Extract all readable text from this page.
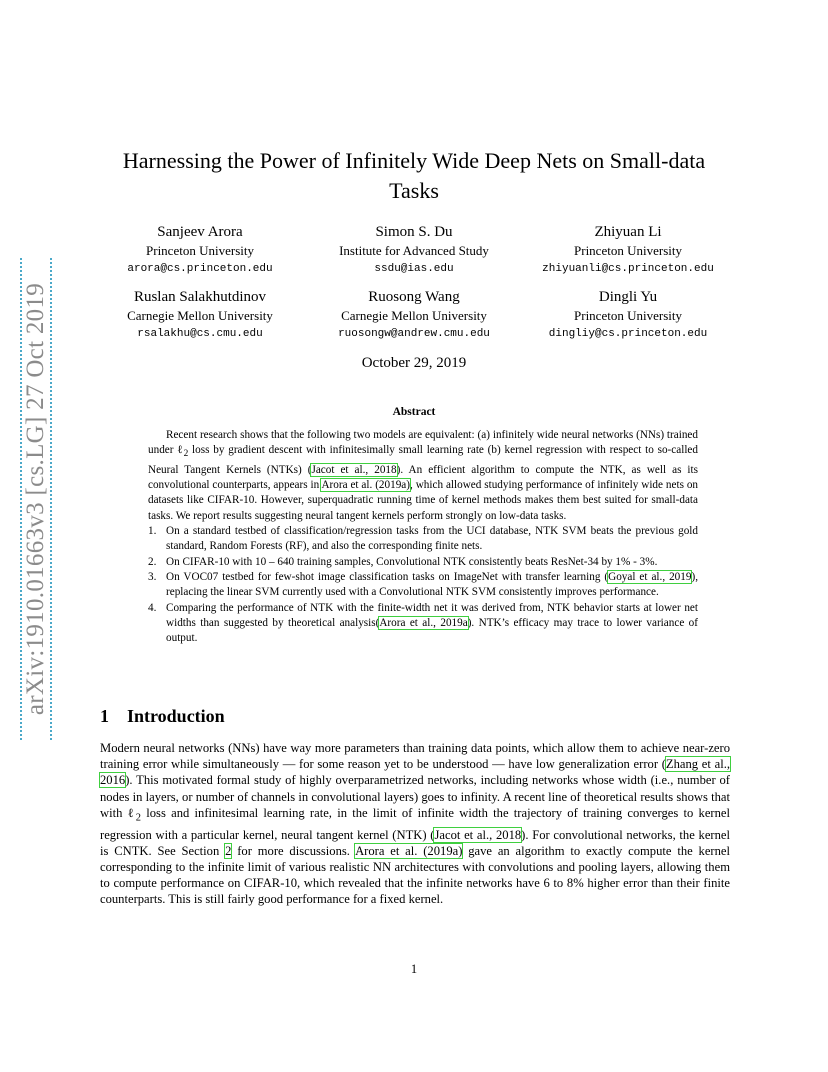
arXiv:1910.01663v3 [cs.LG] 27 Oct 2019
Harnessing the Power of Infinitely Wide Deep Nets on Small-data Tasks
Sanjeev Arora
Princeton University
arora@cs.princeton.edu
Simon S. Du
Institute for Advanced Study
ssdu@ias.edu
Zhiyuan Li
Princeton University
zhiyuanli@cs.princeton.edu
Ruslan Salakhutdinov
Carnegie Mellon University
rsalakhu@cs.cmu.edu
Ruosong Wang
Carnegie Mellon University
ruosongw@andrew.cmu.edu
Dingli Yu
Princeton University
dingliy@cs.princeton.edu
October 29, 2019
Abstract

Recent research shows that the following two models are equivalent: (a) infinitely wide neural networks (NNs) trained under ℓ$_2$ loss by gradient descent with infinitesimally small learning rate (b) kernel regression with respect to so-called Neural Tangent Kernels (NTKs) (Jacot et al., 2018). An efficient algorithm to compute the NTK, as well as its convolutional counterparts, appears in Arora et al. (2019a), which allowed studying performance of infinitely wide nets on datasets like CIFAR-10. However, superquadratic running time of kernel methods makes them best suited for small-data tasks. We report results suggesting neural tangent kernels perform strongly on low-data tasks.

1. On a standard testbed of classification/regression tasks from the UCI database, NTK SVM beats the previous gold standard, Random Forests (RF), and also the corresponding finite nets.
2. On CIFAR-10 with 10 – 640 training samples, Convolutional NTK consistently beats ResNet-34 by 1% - 3%.
3. On VOC07 testbed for few-shot image classification tasks on ImageNet with transfer learning (Goyal et al., 2019), replacing the linear SVM currently used with a Convolutional NTK SVM consistently improves performance.
4. Comparing the performance of NTK with the finite-width net it was derived from, NTK behavior starts at lower net widths than suggested by theoretical analysis(Arora et al., 2019a). NTK’s efficacy may trace to lower variance of output.
1 Introduction

Modern neural networks (NNs) have way more parameters than training data points, which allow them to achieve near-zero training error while simultaneously — for some reason yet to be understood — have low generalization error (Zhang et al., 2016). This motivated formal study of highly overparametrized networks, including networks whose width (i.e., number of nodes in layers, or number of channels in convolutional layers) goes to infinity. A recent line of theoretical results shows that with ℓ$_2$ loss and infinitesimal learning rate, in the limit of infinite width the trajectory of training converges to kernel regression with a particular kernel, neural tangent kernel (NTK) (Jacot et al., 2018). For convolutional networks, the kernel is CNTK. See Section 2 for more discussions. Arora et al. (2019a) gave an algorithm to exactly compute the kernel corresponding to the infinite limit of various realistic NN architectures with convolutions and pooling layers, allowing them to compute performance on CIFAR-10, which revealed that the infinite networks have 6 to 8% higher error than their finite counterparts. This is still fairly good performance for a fixed kernel.

1
